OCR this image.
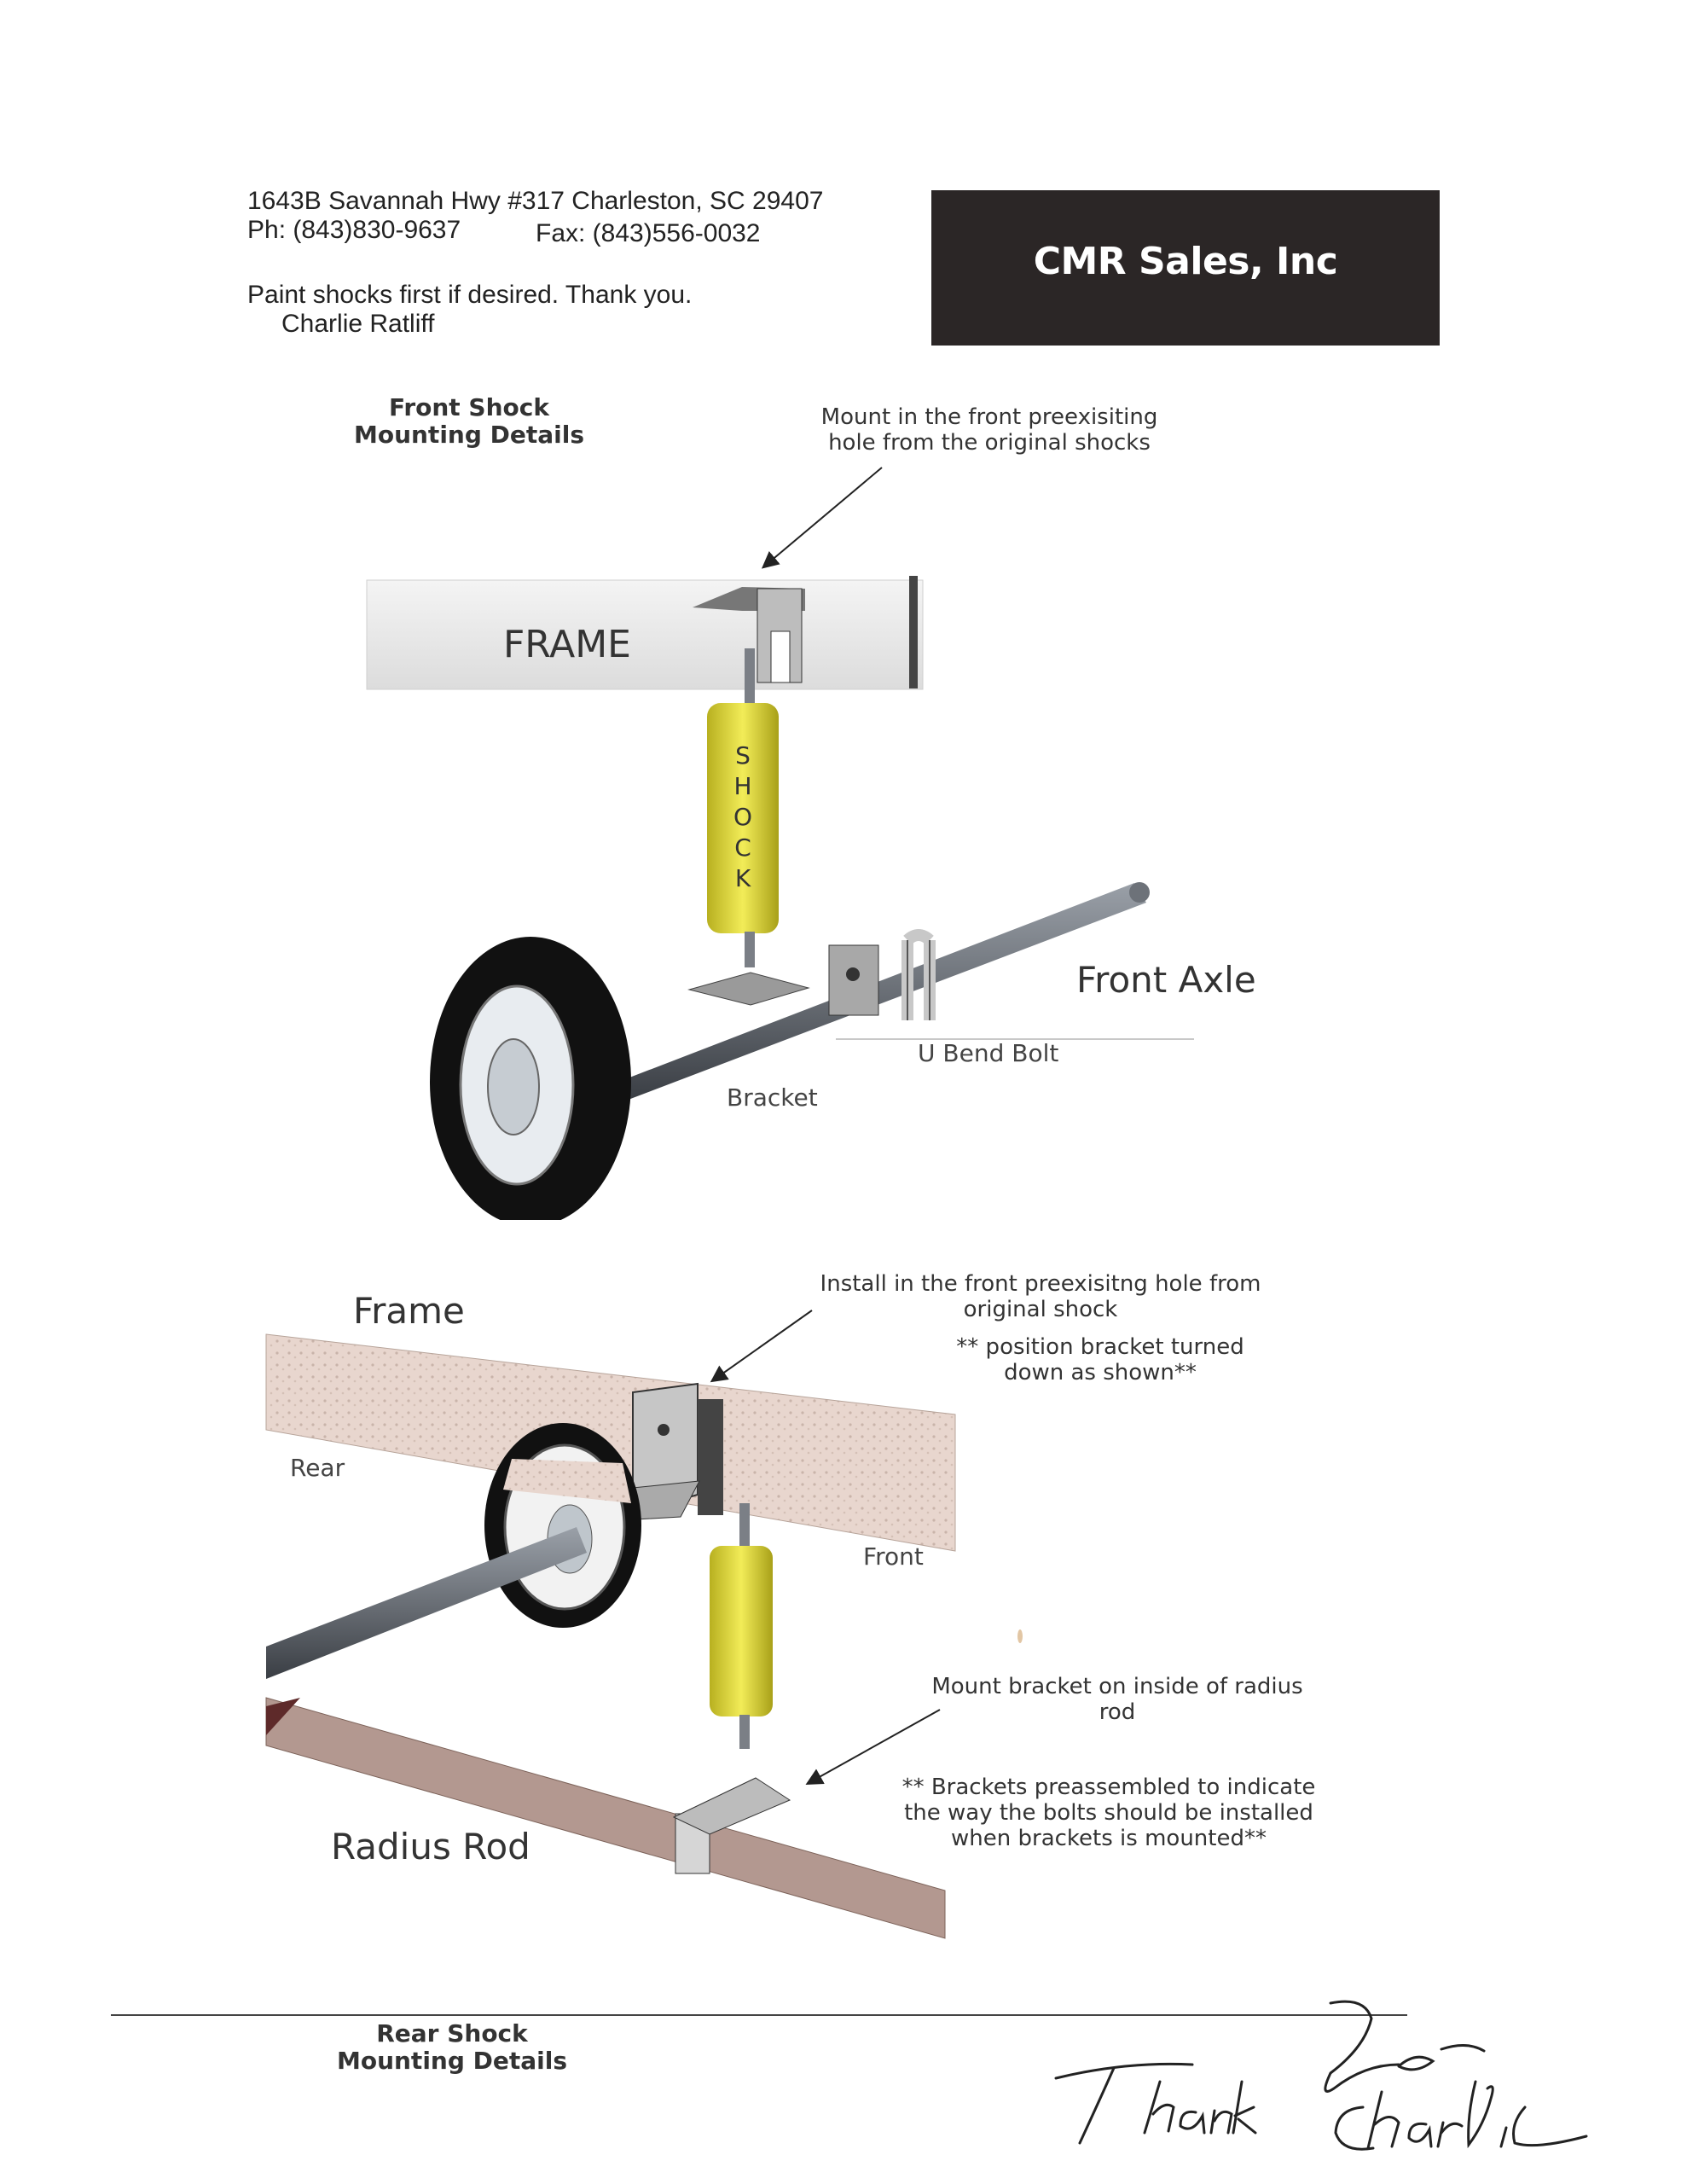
1643B Savannah Hwy #317 Charleston, SC 29407
Ph: (843)830-9637	Fax: (843)556-0032
Paint shocks first if desired. Thank you.
Charlie Ratliff
CMR Sales, Inc
Front Shock
Mounting Details
Mount in the front preexisiting
hole from the original shocks
FRAME
SHOCK
Front Axle
U Bend Bolt
Bracket
Frame
Install in the front preexisitng hole from
original shock
** position bracket turned
down as shown**
Rear
Front
Mount bracket on inside of radius
rod
** Brackets preassembled to indicate
the way the bolts should be installed
when brackets is mounted**
Radius Rod
Rear Shock
Mounting Details
